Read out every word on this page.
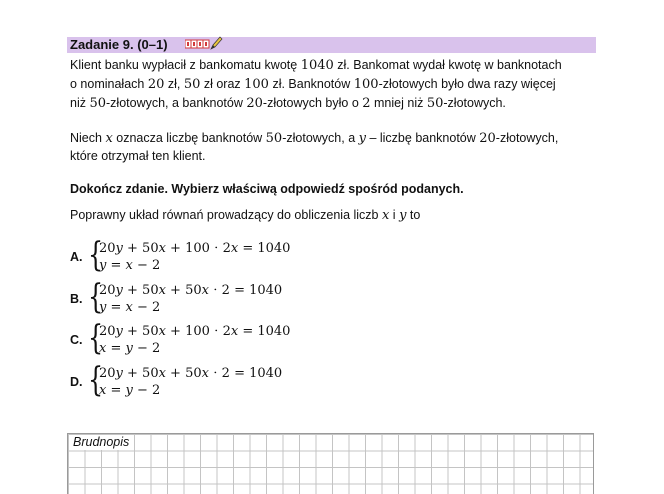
Zadanie 9. (0–1)
Klient banku wypłacił z bankomatu kwotę 1040 zł. Bankomat wydał kwotę w banknotach
o nominałach 20 zł, 50 zł oraz 100 zł. Banknotów 100-złotowych było dwa razy więcej
niż 50-złotowych, a banknotów 20-złotowych było o 2 mniej niż 50-złotowych.
Niech x oznacza liczbę banknotów 50-złotowych, a y – liczbę banknotów 20-złotowych,
które otrzymał ten klient.
Dokończ zdanie. Wybierz właściwą odpowiedź spośród podanych.
Poprawny układ równań prowadzący do obliczenia liczb x i y to
A. {
20𝑦 + 50𝑥 + 100 ⋅ 2𝑥 = 1040
𝑦 = 𝑥 − 2
B. {
20𝑦 + 50𝑥 + 50𝑥 ⋅ 2 = 1040
𝑦 = 𝑥 − 2
C. {
20𝑦 + 50𝑥 + 100 ⋅ 2𝑥 = 1040
𝑥 = 𝑦 − 2
D. {
20𝑦 + 50𝑥 + 50𝑥 ⋅ 2 = 1040
𝑥 = 𝑦 − 2
Brudnopis
